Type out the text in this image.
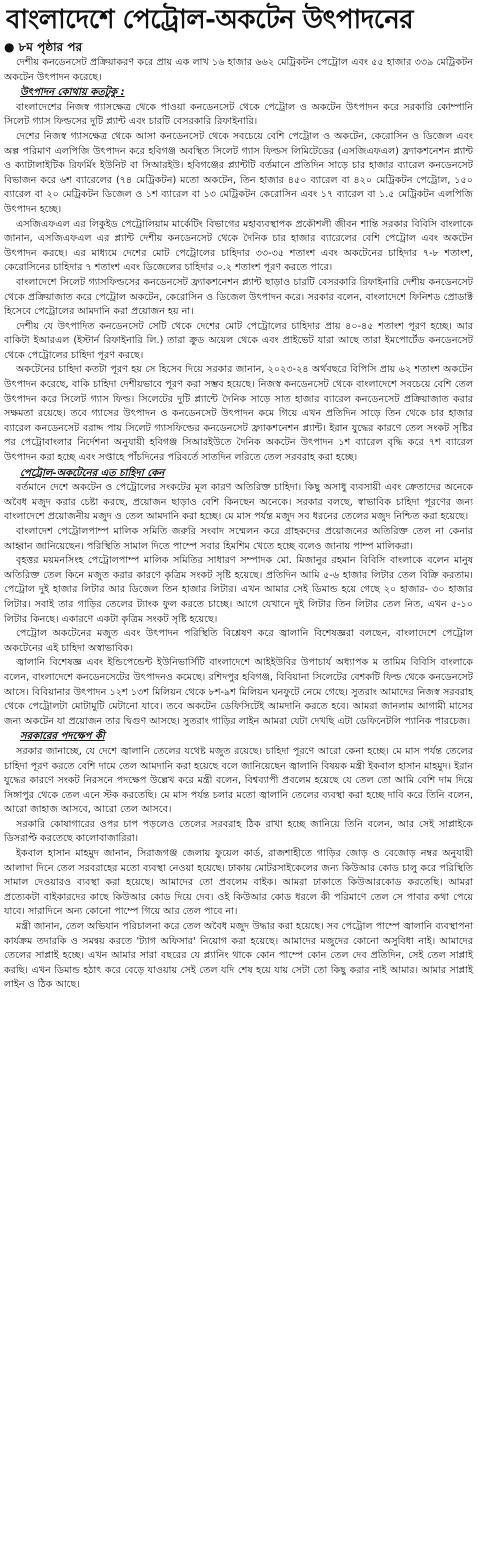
বাংলাদেশে পেট্রোল-অকটেন উৎপাদনের
● ৮ম পৃষ্ঠার পর

দেশীয় কনডেনসেট প্রক্রিয়াকরণ করে প্রায় এক লাখ ১৬ হাজার ৬৬২ মেট্রিকটন পেট্রোল এবং ৫৫ হাজার ৩৩৯ মেট্রিকটন অকটেন উৎপাদন করেছে।

উৎপাদন কোথায় কতটুকু :

বাংলাদেশের নিজস্ব গ্যাসক্ষেত্র থেকে পাওয়া কনডেনসেট থেকে পেট্রোল ও অকটেন উৎপাদন করে সরকারি কোম্পানি সিলেট গ্যাস ফিল্ডসের দুটি প্ল্যান্ট এবং চারটি বেসরকারি রিফাইনারি।

দেশের নিজস্ব গ্যাসক্ষেত্র থেকে আসা কনডেনসেট থেকে সবচেয়ে বেশি পেট্রোল ও অকটেন, কেরোসিন ও ডিজেল এবং অল্প পরিমাণ এলপিজি উৎপাদন করে হবিগঞ্জ অবস্থিত সিলেট গ্যাস ফিল্ডস লিমিটেডের (এসজিএফএল) ফ্র্যাকশনেশন প্ল্যান্ট ও ক্যাটালাইটিক রিফর্মিং ইউনিট বা সিআরইউ। হবিগঞ্জের প্ল্যান্টটি বর্তমানে প্রতিদিন সাড়ে চার হাজার ব্যারেল কনডেনসেট বিভাজন করে ৬শ ব্যারেলের (৭৪ মেট্রিকটন) মতো অকটেন, তিন হাজার ৪৫০ ব্যারেল বা ৪২০ মেট্রিকটন পেট্রোল, ১৫০ ব্যারেল বা ২০ মেট্রিকটন ডিজেল ও ১শ ব্যারেল বা ১৩ মেট্রিকটন কেরোসিন এবং ১৭ ব্যারেল বা ১.৫ মেট্রিকটন এলপিজি উৎপাদন হচ্ছে।

এসজিএফএল এর লিকুইড পেট্রোলিয়াম মার্কেটিং বিভাগের মহাব্যবস্থাপক প্রকৌশলী জীবন শান্তি সরকার বিবিসি বাংলাকে জানান, এসজিএফএল এর প্ল্যান্ট দেশীয় কনডেনসেট থেকে দৈনিক চার হাজার ব্যারেলের বেশি পেট্রোল এবং অকটেন উৎপাদন করছে। এর মাধ্যমে দেশের মোট পেট্রোলের চাহিদার ৩৩-৩৫ শতাংশ এবং অকটেনের চাহিদার ৭-৮ শতাংশ, কেরোসিনের চাহিদার ৭ শতাংশ এবং ডিজেলের চাহিদার ০.২ শতাংশ পূরণ করতে পারে।

বাংলাদেশে সিলেট গ্যাসফিল্ডসের কনডেনসেট ফ্র্যাকশনেশন প্ল্যান্ট ছাড়াও চারটি বেসরকারি রিফাইনারি দেশীয় কনডেনসেট থেকে প্রক্রিয়াজাত করে পেট্রোল অকটেন, কেরোসিন ও ডিজেল উৎপাদন করে। সরকার বলেন, বাংলাদেশে ফিনিশড প্রোডাক্ট হিসেবে পেট্রোলের আমদানি করা প্রয়োজন হয় না।

দেশীয় যে উৎপাদিত কনডেনসেট সেটি থেকে দেশের মোট পেট্রোলের চাহিদার প্রায় ৪০-৪৫ শতাংশ পূরণ হচ্ছে। আর বাকিটা ইআরএল (ইস্টার্ন রিফাইনারি লি.) তারা ক্রুড অয়েল থেকে এবং প্রাইভেট যারা আছে তারা ইমপোর্টেড কনডেনসেট থেকে পেট্রোলের চাহিদা পূরণ করছে।

অকটেনের চাহিদা কতটা পূরণ হয় সে হিসেব দিয়ে সরকার জানান, ২০২৩-২৪ অর্থবছরে বিপিসি প্রায় ৬২ শতাংশ অকটেন উৎপাদন করেছে, বাকি চাহিদা দেশীয়ভাবে পূরণ করা সম্ভব হয়েছে। নিজস্ব কনডেনসেট থেকে বাংলাদেশে সবচেয়ে বেশি তেল উৎপাদন করে সিলেট গ্যাস ফিল্ড। সিলেটের দুটি প্ল্যান্টে দৈনিক সাড়ে সাত হাজার ব্যারেল কনডেনসেট প্রক্রিয়াজাত করার সক্ষমতা রয়েছে। তবে গ্যাসের উৎপাদন ও কনডেনসেট উৎপাদন কমে গিয়ে এখন প্রতিদিন সাড়ে তিন থেকে চার হাজার ব্যারেল কনডেনসেট বরাদ্দ পায় সিলেট গ্যাসফিল্ডের কনডেনসেট ফ্র্যাকশনেশন প্ল্যান্ট। ইরান যুদ্ধের কারণে তেল সংকট সৃষ্টির পর পেট্রোবাংলার নির্দেশনা অনুযায়ী হবিগঞ্জ সিআরইউতে দৈনিক অকটেন উৎপাদন ১শ ব্যারেল বৃদ্ধি করে ৭শ ব্যারেল উৎপাদন করা হচ্ছে এবং সপ্তাহে পাঁচদিনের পরিবর্তে সাতদিন লরিতে তেল সরবরাহ করা হচ্ছে।

পেট্রোল-অকটেনের এত চাহিদা কেন

বর্তমানে দেশে অকটেন ও পেট্রোলের সংকটের মূল কারণ অতিরিক্ত চাহিদা। কিছু অসাধু ব্যবসায়ী এবং ক্রেতাদের অনেকে অবৈধ মজুদ করার চেষ্টা করছে, প্রয়োজন ছাড়াও বেশি কিনছেন অনেকে। সরকার বলছে, স্বাভাবিক চাহিদা পূরণের জন্য বাংলাদেশে প্রয়োজনীয় মজুদ ও তেল আমদানি করা হচ্ছে। মে মাস পর্যন্ত মজুদ সব ধরনের তেলের মজুদ নিশ্চিত করা হয়েছে।

বাংলাদেশ পেট্রোলপাম্প মালিক সমিতি জরুরি সংবাদ সম্মেলন করে গ্রাহকদের প্রয়োজনের অতিরিক্ত তেল না কেনার আহ্বান জানিয়েছেন। পরিস্থিতি সামাল দিতে পাম্পে সবার হিমশিম খেতে হচ্ছে বলেও জানায় পাম্প মালিকরা।

বৃহত্তর ময়মনসিংহ পেট্রোলপাম্প মালিক সমিতির সাধারণ সম্পাদক মো. মিজানুর রহমান বিবিসি বাংলাকে বলেন মানুষ অতিরিক্ত তেল কিনে মজুত করার কারণে কৃত্রিম সংকট সৃষ্টি হয়েছে। প্রতিদিন আমি ৫-৬ হাজার লিটার তেল বিক্রি করতাম। পেট্রোল দুই হাজার লিটার আর ডিজেল তিন হাজার লিটার। এখন আমার সেই ডিমান্ড হয়ে গেছে ২০ হাজার- ৩০ হাজার লিটার। সবাই তার গাড়ির তেলের ট্যাংক ফুল করতে চাচ্ছে। আগে যেখানে দুই লিটার তিন লিটার তেল নিত, এখন ৫-১০ লিটার কিনছে। একারণে একটা কৃত্রিম সংকট সৃষ্টি হয়েছে।

পেট্রোল অকটেনের মজুত এবং উৎপাদন পরিস্থিতি বিশ্লেষণ করে জ্বালানি বিশেষজ্ঞরা বলছেন, বাংলাদেশে পেট্রোল অকটেনের এই চাহিদা অস্বাভাবিক।

জ্বালানি বিশেষজ্ঞ এবং ইন্ডিপেন্ডেন্ট ইউনিভার্সিটি বাংলাদেশে আইইউবির উপাচার্য অধ্যাপক ম তামিম বিবিসি বাংলাকে বলেন, বাংলাদেশে কনডেনসেটের উৎপাদনও কমেছে। রশিদপুর হবিগঞ্জ, বিবিয়ানা সিলেটের বেশকটি ফিল্ড থেকে কনডেনসেট আসে। বিবিয়ানার উৎপাদন ১২শ ১৩শ মিলিয়ন থেকে ৮শ-৯শ মিলিয়ন ঘনফুটে নেমে গেছে। সুতরাং আমাদের নিজস্ব সরবরাহ থেকে পেট্রোলটা মোটামুটি মেটানো যাবে। তবে অকটেন ডেফিসিটেই আমদানি করতে হবে। আমরা জানলাম আগামী মাসের জন্য অকটেন যা প্রয়োজন তার দ্বিগুণ আসছে। সুতরাং গাড়ির লাইন আমরা যেটা দেখছি এটা ডেফিনেটলি প্যানিক পারচেজ।

সরকারের পদক্ষেপ কী

সরকার জানাচ্ছে, যে দেশে জ্বালানি তেলের যথেষ্ট মজুত রয়েছে। চাহিদা পূরণে আরো কেনা হচ্ছে। মে মাস পর্যন্ত তেলের চাহিদা পূরণ করতে বেশি দামে তেল আমদানি করা হয়েছে বলে জানিয়েছেন জ্বালানি বিষয়ক মন্ত্রী ইকবাল হাসান মাহমুদ। ইরান যুদ্ধের কারণে সংকট নিরসনে পদক্ষেপ উল্লেখ করে মন্ত্রী বলেন, বিশ্বব্যাপী প্রবলেম হয়েছে যে তেল তো আমি বেশি দাম দিয়ে সিঙ্গাপুর থেকে তেল এনে স্টক করতেছি। মে মাস পর্যন্ত চলার মতো জ্বালানি তেলের ব্যবস্থা করা হচ্ছে দাবি করে তিনি বলেন, আরো জাহাজ আসবে, আরো তেল আসবে।

সরকারি কোষাগারের ওপর চাপ পড়লেও তেলের সরবরাহ ঠিক রাখা হচ্ছে জানিয়ে তিনি বলেন, আর সেই সাপ্লাইকে ডিসরাপ্ট করতেছে কালোবাজারিরা।

ইকবাল হাসান মাহমুদ জানান, সিরাজগঞ্জ জেলায় ফুয়েল কার্ড, রাজশাহীতে গাড়ির জোড় ও বেজোড় নম্বর অনুযায়ী আলাদা দিনে তেল সরবরাহের মতো ব্যবস্থা নেওয়া হয়েছে। ঢাকায় মোটরসাইকেলের জন্য কিউআর কোড চালু করে পরিস্থিতি সামাল দেওয়ারও ব্যবস্থা করা হয়েছে। আমাদের তো প্রবলেম বাইক। আমরা ঢাকাতে কিউআরকোড করতেছি। আমরা প্রত্যেকটা বাইকারদের কাছে কিউআর কোড দিয়ে দেব। ওই কিউআর কোড ধরলে কী পরিমাণে তেল সে পাবার কথা পেয়ে যাবে। সারাদিনে অন্য কোনো পাম্পে গিয়ে আর তেল পাবে না।

মন্ত্রী জানান, তেল অভিযান পরিচালনা করে তেল অবৈধ মজুদ উদ্ধার করা হয়েছে। সব পেট্রোল পাম্পে জ্বালানি ব্যবস্থাপনা কার্যক্রম তদারকি ও সমন্বয় করতে 'ট্যাগ অফিসার' নিয়োগ করা হয়েছে। আমাদের মজুদের কোনো অসুবিধা নাই। আমাদের তেলের সাপ্লাই হচ্ছে। এখন আমার সারা বছরের যে প্ল্যানিং থাকে কোন পাম্পে কোন তেল দেব প্রতিদিন, সেই তেল সাপ্লাই করছি। এখন ডিমান্ড হঠাৎ করে বেড়ে যাওয়ায় সেই তেল যদি শেষ হয়ে যায় সেটা তো কিছু করার নাই আমার। আমার সাপ্লাই লাইন ও ঠিক আছে।
